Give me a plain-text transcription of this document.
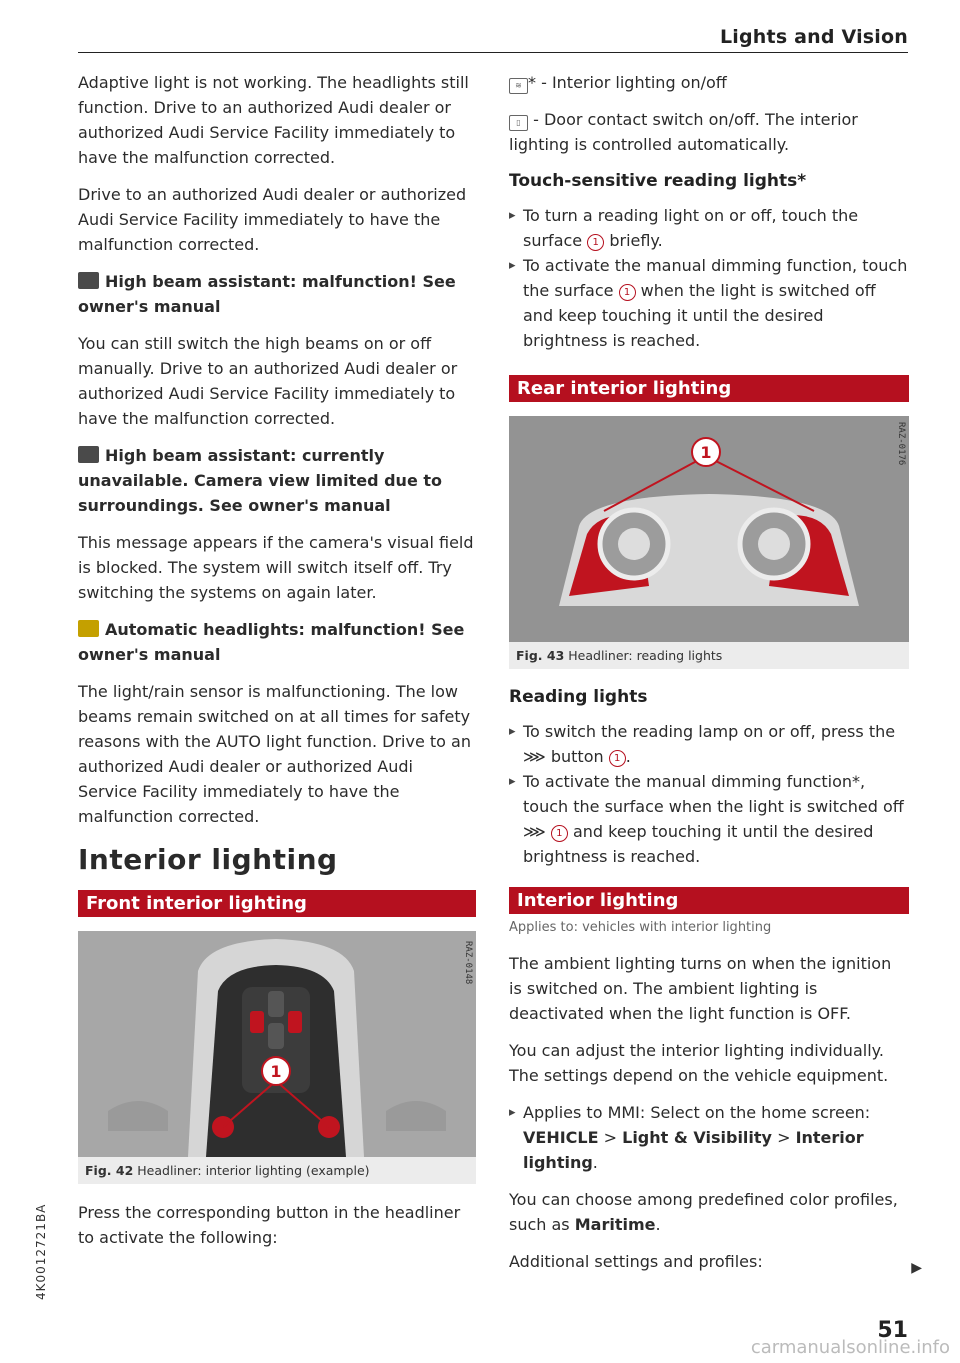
Lights and Vision

Adaptive light is not working. The headlights still function. Drive to an authorized Audi dealer or authorized Audi Service Facility immediately to have the malfunction corrected.

Drive to an authorized Audi dealer or authorized Audi Service Facility immediately to have the malfunction corrected.

High beam assistant: malfunction! See owner's manual

You can still switch the high beams on or off manually. Drive to an authorized Audi dealer or authorized Audi Service Facility immediately to have the malfunction corrected.

High beam assistant: currently unavailable. Camera view limited due to surroundings. See owner's manual

This message appears if the camera's visual field is blocked. The system will switch itself off. Try switching the systems on again later.

Automatic headlights: malfunction! See owner's manual

The light/rain sensor is malfunctioning. The low beams remain switched on at all times for safety reasons with the AUTO light function. Drive to an authorized Audi dealer or authorized Audi Service Facility immediately to have the malfunction corrected.

Interior lighting
Front interior lighting
1
RAZ-0148
Fig. 42 Headliner: interior lighting (example)

Press the corresponding button in the headliner to activate the following:

≋ * - Interior lighting on/off

▯ - Door contact switch on/off. The interior lighting is controlled automatically.

Touch-sensitive reading lights*
▸ To turn a reading light on or off, touch the surface 1 briefly.
▸ To activate the manual dimming function, touch the surface 1 when the light is switched off and keep touching it until the desired brightness is reached.
Rear interior lighting
1	RAZ-0176
Fig. 43 Headliner: reading lights
Reading lights
▸ To switch the reading lamp on or off, press the ⋙ button 1 .
▸ To activate the manual dimming function*, touch the surface when the light is switched off ⋙ 1 and keep touching it until the desired brightness is reached.
Interior lighting
Applies to: vehicles with interior lighting

The ambient lighting turns on when the ignition is switched on. The ambient lighting is deactivated when the light function is OFF.

You can adjust the interior lighting individually. The settings depend on the vehicle equipment.

▸ Applies to MMI: Select on the home screen: VEHICLE > Light & Visibility > Interior lighting.

You can choose among predefined color profiles, such as Maritime.

Additional settings and profiles:	▶
51
4K0012721BA
carmanualsonline.info
